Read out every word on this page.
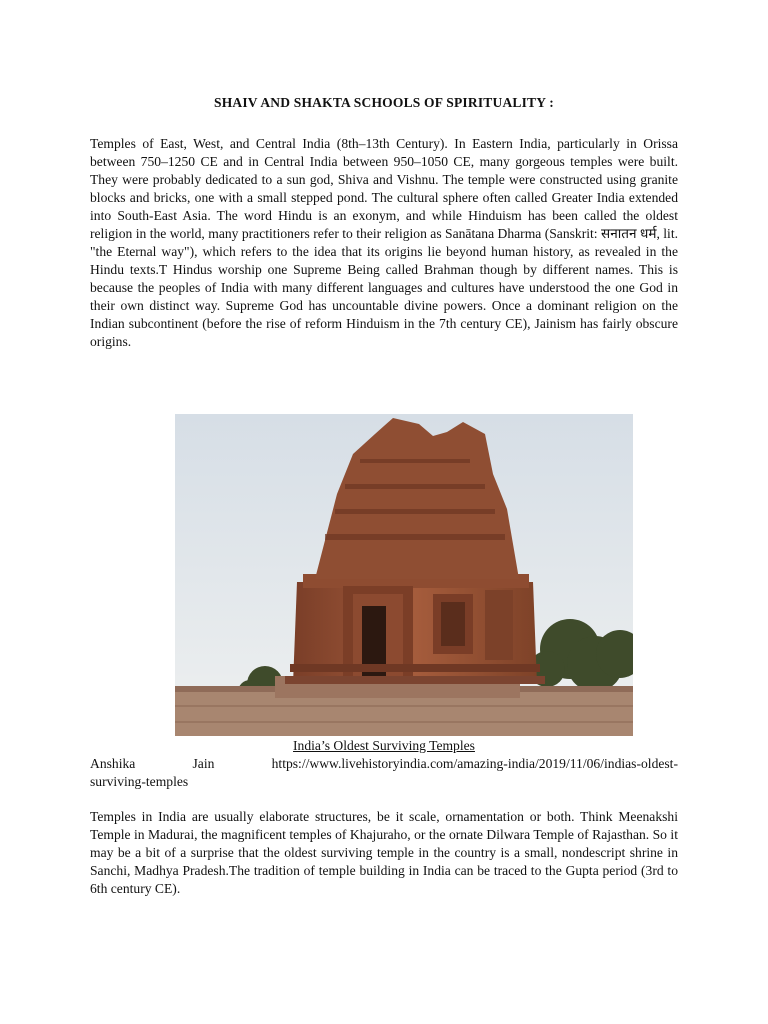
SHAIV AND SHAKTA SCHOOLS OF SPIRITUALITY :
Temples of East, West, and Central India (8th–13th Century). In Eastern India, particularly in Orissa between 750–1250 CE and in Central India between 950–1050 CE, many gorgeous temples were built. They were probably dedicated to a sun god, Shiva and Vishnu. The temple were constructed using granite blocks and bricks, one with a small stepped pond. The cultural sphere often called Greater India extended into South-East Asia. The word Hindu is an exonym, and while Hinduism has been called the oldest religion in the world, many practitioners refer to their religion as Sanātana Dharma (Sanskrit: सनातन धर्म, lit. "the Eternal way"), which refers to the idea that its origins lie beyond human history, as revealed in the Hindu texts.T Hindus worship one Supreme Being called Brahman though by different names. This is because the peoples of India with many different languages and cultures have understood the one God in their own distinct way. Supreme God has uncountable divine powers. Once a dominant religion on the Indian subcontinent (before the rise of reform Hinduism in the 7th century CE), Jainism has fairly obscure origins.
India’s Oldest Surviving Temples
Anshika	Jain	https://www.livehistoryindia.com/amazing-india/2019/11/06/indias-oldest-
surviving-temples
Temples in India are usually elaborate structures, be it scale, ornamentation or both. Think Meenakshi Temple in Madurai, the magnificent temples of Khajuraho, or the ornate Dilwara Temple of Rajasthan. So it may be a bit of a surprise that the oldest surviving temple in the country is a small, nondescript shrine in Sanchi, Madhya Pradesh.The tradition of temple building in India can be traced to the Gupta period (3rd to 6th century CE).
